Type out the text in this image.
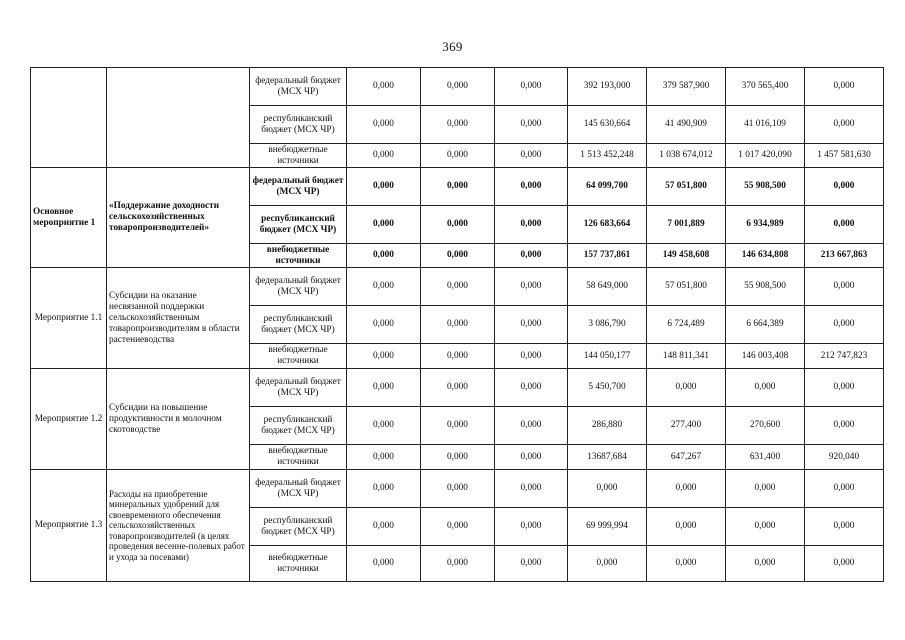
369
		федеральный бюджет (МСХ ЧР)	0,000	0,000	0,000	392 193,000	379 587,900	370 565,400	0,000
		республиканский бюджет (МСХ ЧР)	0,000	0,000	0,000	145 630,664	41 490,909	41 016,109	0,000
		внебюджетные источники	0,000	0,000	0,000	1 513 452,248	1 038 674,012	1 017 420,090	1 457 581,630
Основное мероприятие 1	«Поддержание доходности сельскохозяйственных товаропроизводителей»	федеральный бюджет (МСХ ЧР)	0,000	0,000	0,000	64 099,700	57 051,800	55 908,500	0,000
		республиканский бюджет (МСХ ЧР)	0,000	0,000	0,000	126 683,664	7 001,889	6 934,989	0,000
		внебюджетные источники	0,000	0,000	0,000	157 737,861	149 458,608	146 634,808	213 667,863
Мероприятие 1.1	Субсидии на оказание несвязанной поддержки сельскохозяйственным товаропроизводителям в области растениеводства	федеральный бюджет (МСХ ЧР)	0,000	0,000	0,000	58 649,000	57 051,800	55 908,500	0,000
		республиканский бюджет (МСХ ЧР)	0,000	0,000	0,000	3 086,790	6 724,489	6 664,389	0,000
		внебюджетные источники	0,000	0,000	0,000	144 050,177	148 811,341	146 003,408	212 747,823
Мероприятие 1.2	Субсидии на повышение продуктивности в молочном скотоводстве	федеральный бюджет (МСХ ЧР)	0,000	0,000	0,000	5 450,700	0,000	0,000	0,000
		республиканский бюджет (МСХ ЧР)	0,000	0,000	0,000	286,880	277,400	270,600	0,000
		внебюджетные источники	0,000	0,000	0,000	13687,684	647,267	631,400	920,040
Мероприятие 1.3	Расходы на приобретение минеральных удобрений для своевременного обеспечения сельскохозяйственных товаропроизводителей (в целях проведения весенне-полевых работ и ухода за посевами)	федеральный бюджет (МСХ ЧР)	0,000	0,000	0,000	0,000	0,000	0,000	0,000
		республиканский бюджет (МСХ ЧР)	0,000	0,000	0,000	69 999,994	0,000	0,000	0,000
		внебюджетные источники	0,000	0,000	0,000	0,000	0,000	0,000	0,000
